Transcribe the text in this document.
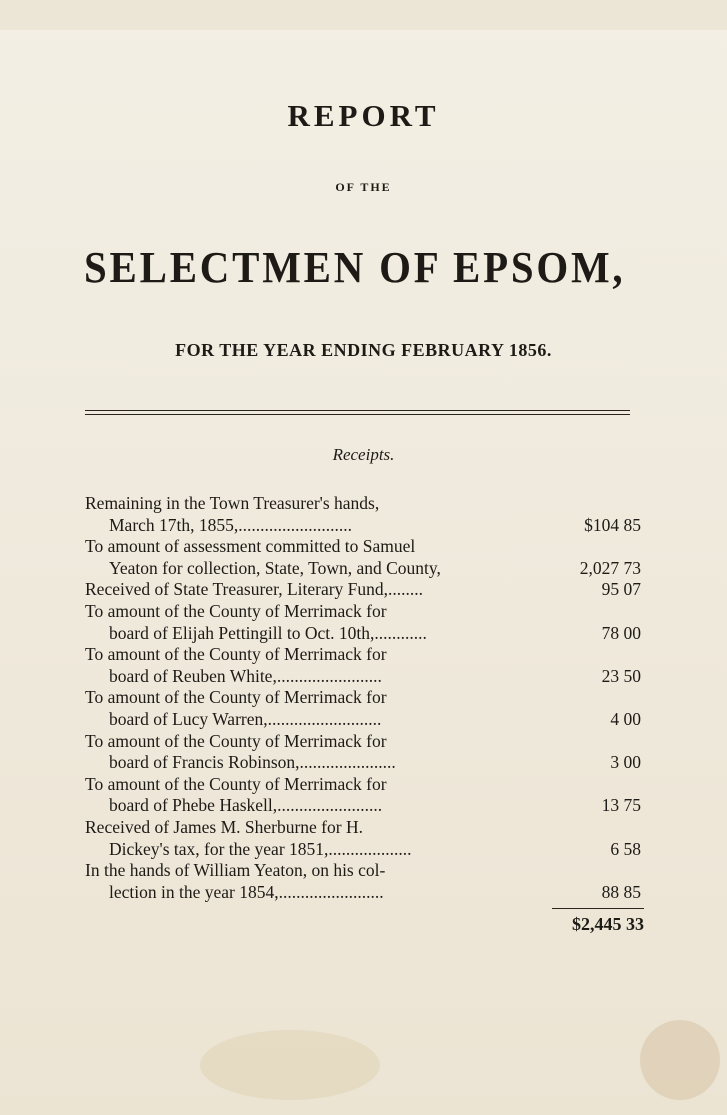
REPORT
OF THE
SELECTMEN OF EPSOM,
FOR THE YEAR ENDING FEBRUARY 1856.
Receipts.
Remaining in the Town Treasurer's hands,
March 17th, 1855,..........................	$104 85
To amount of assessment committed to Samuel
Yeaton for collection, State, Town, and County,	2,027 73
Received of State Treasurer, Literary Fund,........	95 07
To amount of the County of Merrimack for
board of Elijah Pettingill to Oct. 10th,............	78 00
To amount of the County of Merrimack for
board of Reuben White,........................	23 50
To amount of the County of Merrimack for
board of Lucy Warren,..........................	4 00
To amount of the County of Merrimack for
board of Francis Robinson,......................	3 00
To amount of the County of Merrimack for
board of Phebe Haskell,........................	13 75
Received of James M. Sherburne for H.
Dickey's tax, for the year 1851,...................	6 58
In the hands of William Yeaton, on his col-
lection in the year 1854,........................	88 85
$2,445 33
